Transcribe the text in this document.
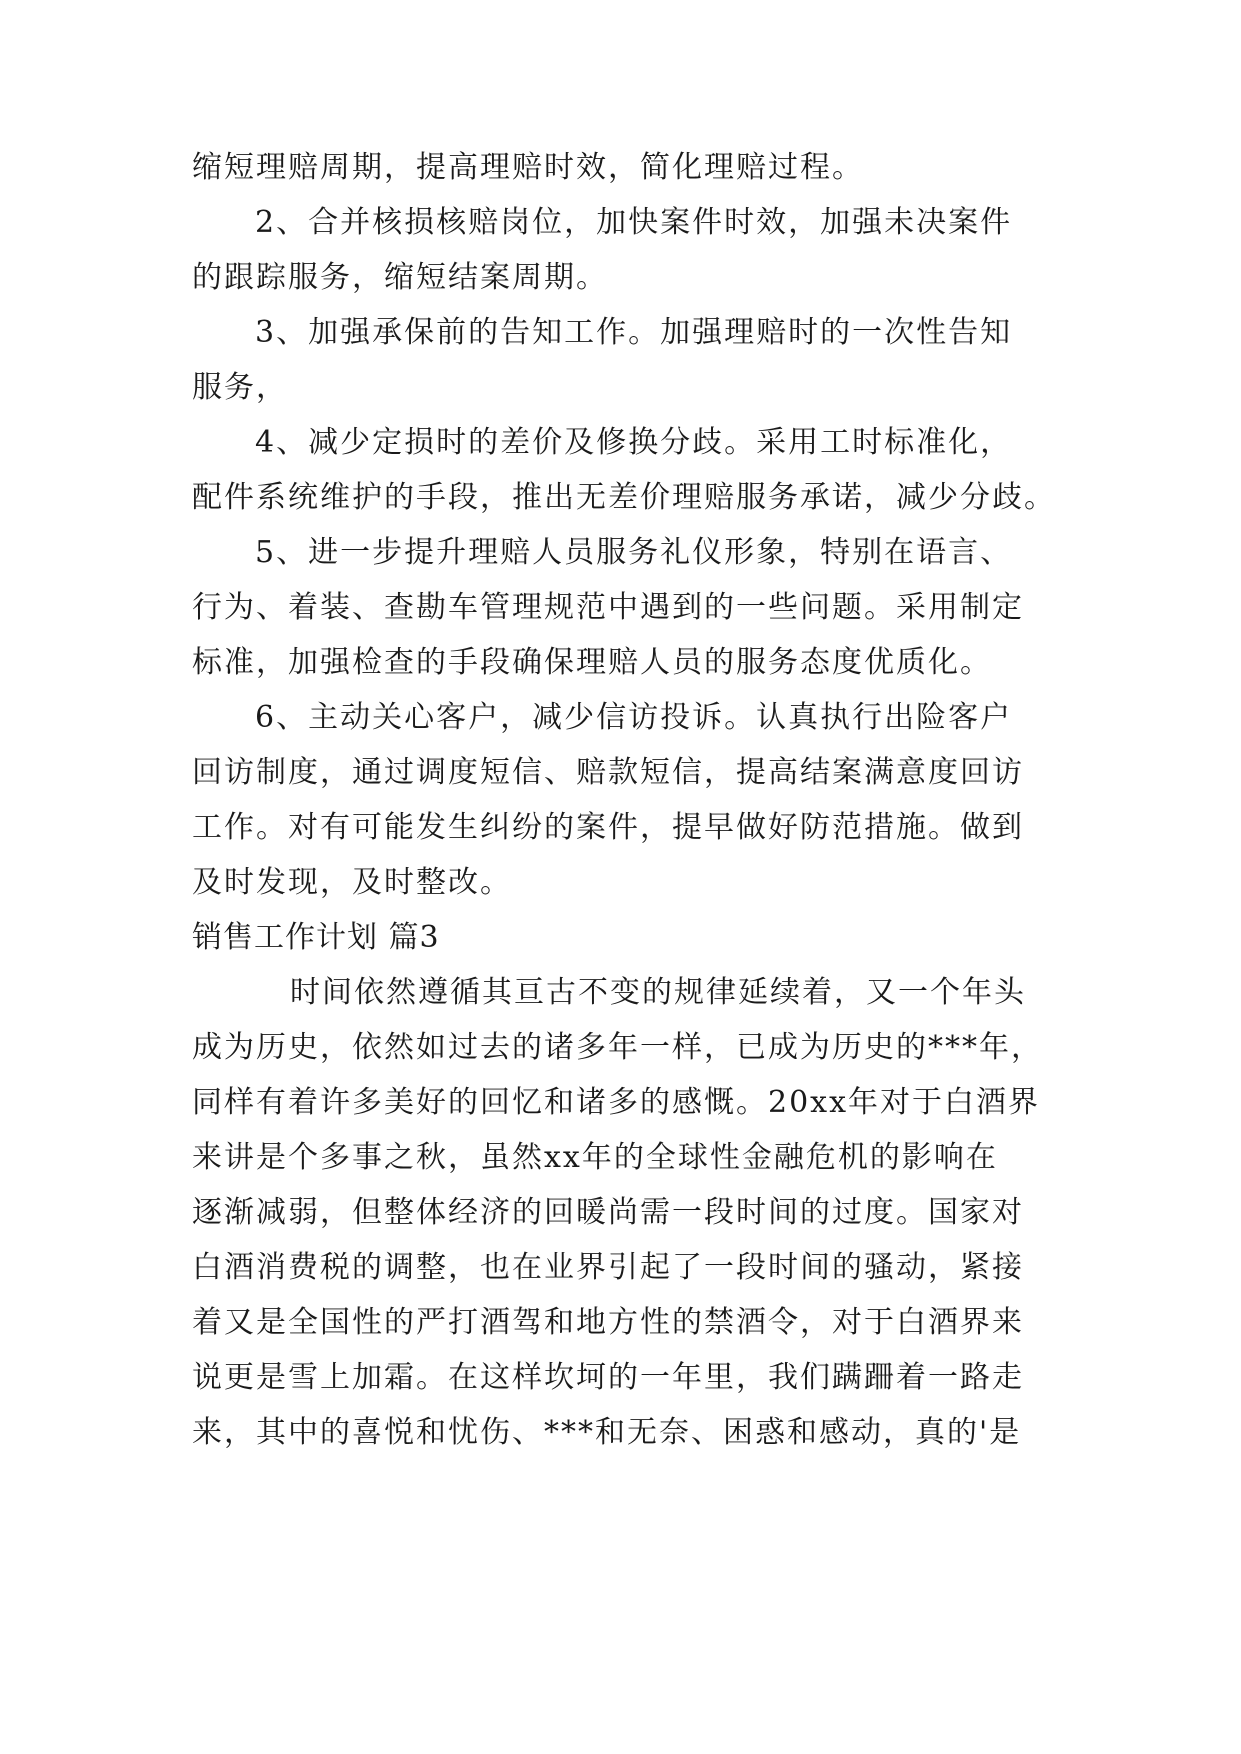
缩短理赔周期，提高理赔时效，简化理赔过程。
2、合并核损核赔岗位，加快案件时效，加强未决案件
的跟踪服务，缩短结案周期。
3、加强承保前的告知工作。加强理赔时的一次性告知
服务，
4、减少定损时的差价及修换分歧。采用工时标准化，
配件系统维护的手段，推出无差价理赔服务承诺，减少分歧。
5、进一步提升理赔人员服务礼仪形象，特别在语言、
行为、着装、查勘车管理规范中遇到的一些问题。采用制定
标准，加强检查的手段确保理赔人员的服务态度优质化。
6、主动关心客户，减少信访投诉。认真执行出险客户
回访制度，通过调度短信、赔款短信，提高结案满意度回访
工作。对有可能发生纠纷的案件，提早做好防范措施。做到
及时发现，及时整改。
销售工作计划 篇3
时间依然遵循其亘古不变的规律延续着，又一个年头
成为历史，依然如过去的诸多年一样，已成为历史的***年，
同样有着许多美好的回忆和诸多的感慨。20xx年对于白酒界
来讲是个多事之秋，虽然xx年的全球性金融危机的影响在
逐渐减弱，但整体经济的回暖尚需一段时间的过度。国家对
白酒消费税的调整，也在业界引起了一段时间的骚动，紧接
着又是全国性的严打酒驾和地方性的禁酒令，对于白酒界来
说更是雪上加霜。在这样坎坷的一年里，我们蹒跚着一路走
来，其中的喜悦和忧伤、***和无奈、困惑和感动，真的'是
